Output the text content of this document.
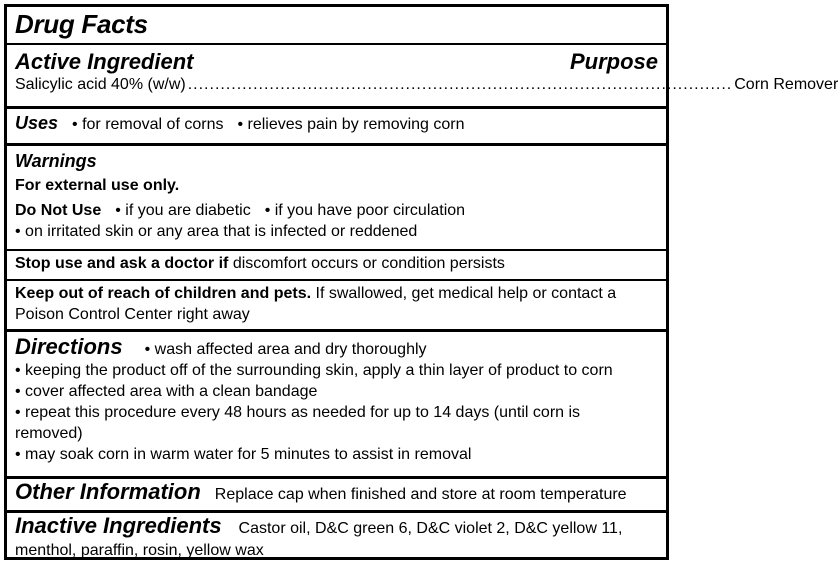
Drug Facts
Active Ingredient	Purpose
Salicylic acid 40% (w/w) .................................................................................................... Corn Remover
Uses	• for removal of corns	• relieves pain by removing corn
Warnings
For external use only.
Do Not Use	• if you are diabetic	• if you have poor circulation
• on irritated skin or any area that is infected or reddened
Stop use and ask a doctor if discomfort occurs or condition persists
Keep out of reach of children and pets. If swallowed, get medical help or contact a Poison Control Center right away
Directions	• wash affected area and dry thoroughly
• keeping the product off of the surrounding skin, apply a thin layer of product to corn
• cover affected area with a clean bandage
• repeat this procedure every 48 hours as needed for up to 14 days (until corn is removed)
• may soak corn in warm water for 5 minutes to assist in removal
Other Information Replace cap when finished and store at room temperature
Inactive Ingredients Castor oil, D&C green 6, D&C violet 2, D&C yellow 11, menthol, paraffin, rosin, yellow wax
